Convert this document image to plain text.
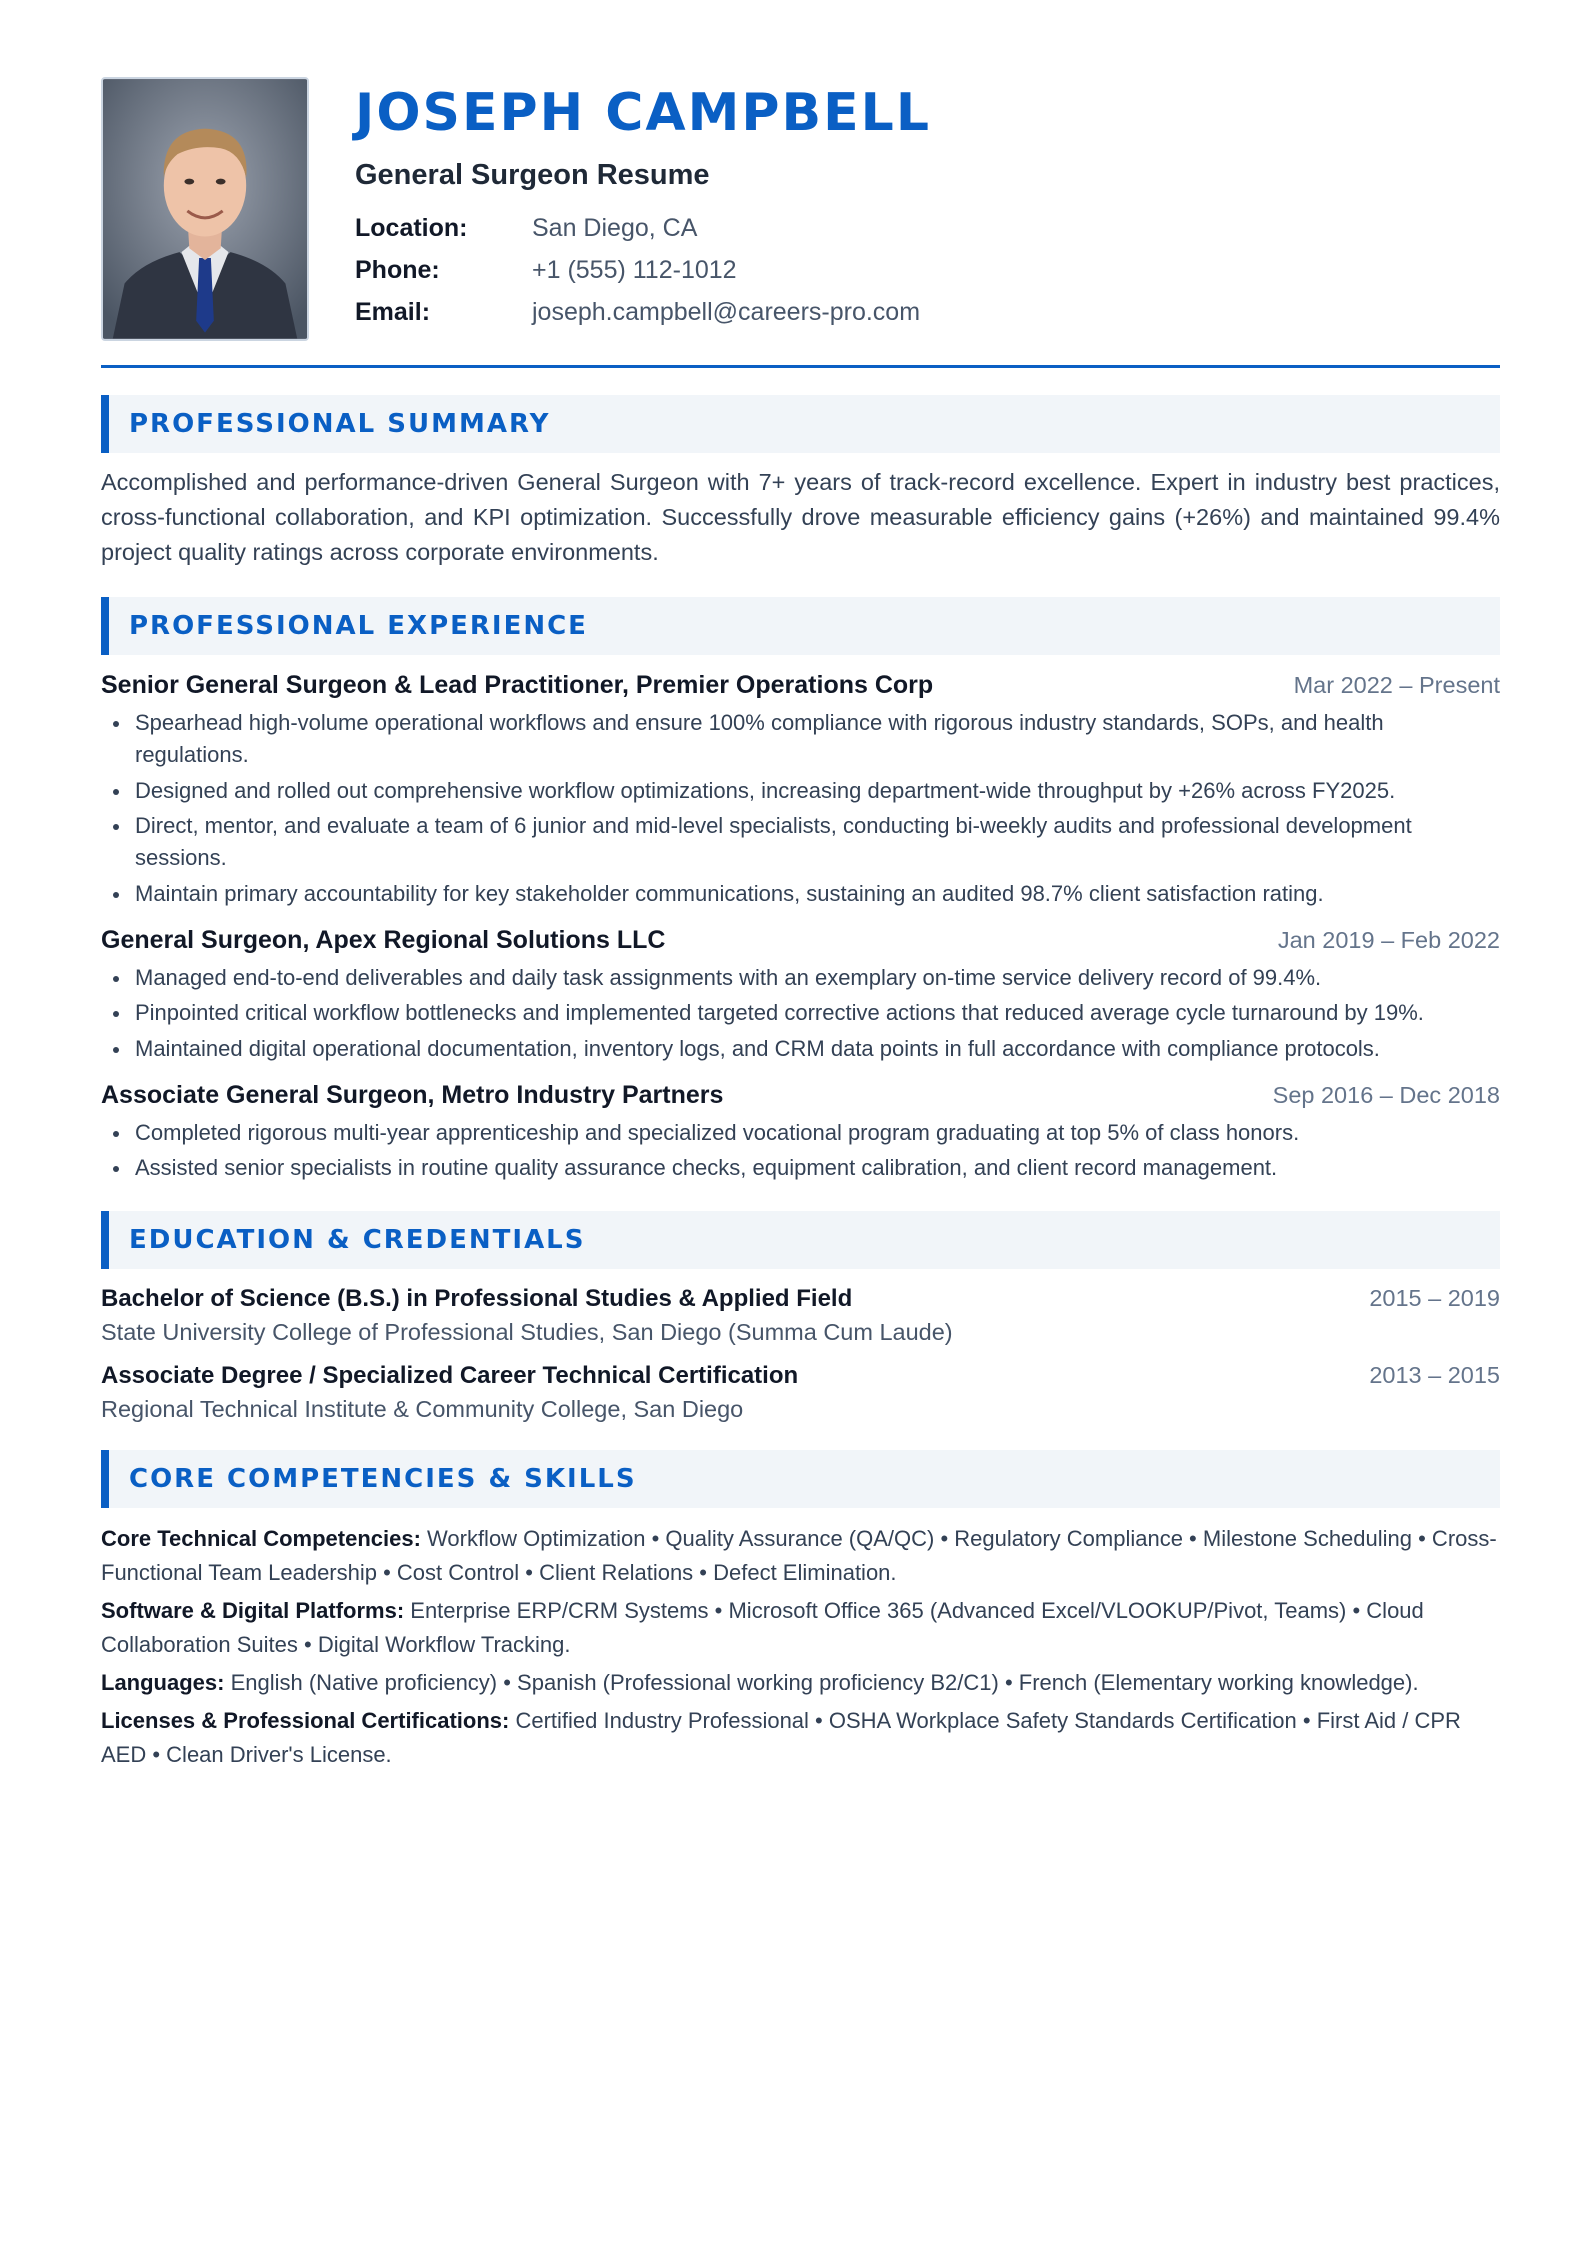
JOSEPH CAMPBELL
General Surgeon Resume
Location:	San Diego, CA
Phone:	+1 (555) 112-1012
Email:	joseph.campbell@careers-pro.com
PROFESSIONAL SUMMARY

Accomplished and performance-driven General Surgeon with 7+ years of track-record excellence. Expert in industry best practices, cross-functional collaboration, and KPI optimization. Successfully drove measurable efficiency gains (+26%) and maintained 99.4% project quality ratings across corporate environments.

PROFESSIONAL EXPERIENCE
Senior General Surgeon & Lead Practitioner, Premier Operations Corp	Mar 2022 – Present
Spearhead high-volume operational workflows and ensure 100% compliance with rigorous industry standards, SOPs, and health regulations.
Designed and rolled out comprehensive workflow optimizations, increasing department-wide throughput by +26% across FY2025.
Direct, mentor, and evaluate a team of 6 junior and mid-level specialists, conducting bi-weekly audits and professional development sessions.
Maintain primary accountability for key stakeholder communications, sustaining an audited 98.7% client satisfaction rating.
General Surgeon, Apex Regional Solutions LLC	Jan 2019 – Feb 2022
Managed end-to-end deliverables and daily task assignments with an exemplary on-time service delivery record of 99.4%.
Pinpointed critical workflow bottlenecks and implemented targeted corrective actions that reduced average cycle turnaround by 19%.
Maintained digital operational documentation, inventory logs, and CRM data points in full accordance with compliance protocols.
Associate General Surgeon, Metro Industry Partners	Sep 2016 – Dec 2018
Completed rigorous multi-year apprenticeship and specialized vocational program graduating at top 5% of class honors.
Assisted senior specialists in routine quality assurance checks, equipment calibration, and client record management.
EDUCATION & CREDENTIALS
Bachelor of Science (B.S.) in Professional Studies & Applied Field	2015 – 2019
State University College of Professional Studies, San Diego (Summa Cum Laude)
Associate Degree / Specialized Career Technical Certification	2013 – 2015
Regional Technical Institute & Community College, San Diego
CORE COMPETENCIES & SKILLS

Core Technical Competencies: Workflow Optimization • Quality Assurance (QA/QC) • Regulatory Compliance • Milestone Scheduling • Cross-Functional Team Leadership • Cost Control • Client Relations • Defect Elimination.

Software & Digital Platforms: Enterprise ERP/CRM Systems • Microsoft Office 365 (Advanced Excel/VLOOKUP/Pivot, Teams) • Cloud Collaboration Suites • Digital Workflow Tracking.

Languages: English (Native proficiency) • Spanish (Professional working proficiency B2/C1) • French (Elementary working knowledge).

Licenses & Professional Certifications: Certified Industry Professional • OSHA Workplace Safety Standards Certification • First Aid / CPR AED • Clean Driver's License.
